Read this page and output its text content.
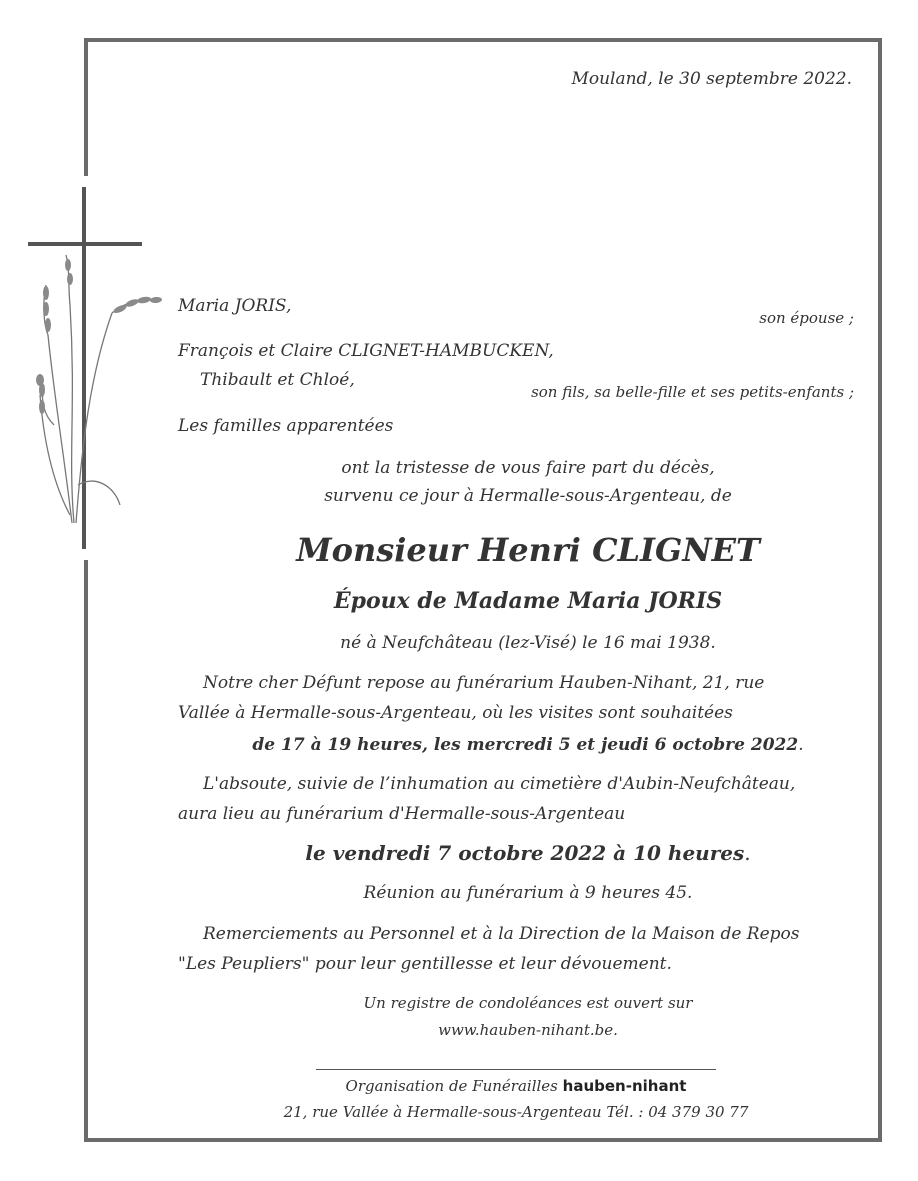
Mouland, le 30 septembre 2022.
Maria JORIS,
son épouse ;
François et Claire CLIGNET-HAMBUCKEN,
Thibault et Chloé,
son fils, sa belle-fille et ses petits-enfants ;
Les familles apparentées
ont la tristesse de vous faire part du décès,
survenu ce jour à Hermalle-sous-Argenteau, de
Monsieur Henri CLIGNET
Époux de Madame Maria JORIS
né à Neufchâteau (lez-Visé) le 16 mai 1938.
Notre cher Défunt repose au funérarium Hauben-Nihant, 21, rue
Vallée à Hermalle-sous-Argenteau, où les visites sont souhaitées
de 17 à 19 heures, les mercredi 5 et jeudi 6 octobre 2022.
L'absoute, suivie de l’inhumation au cimetière d'Aubin-Neufchâteau,
aura lieu au funérarium d'Hermalle-sous-Argenteau
le vendredi 7 octobre 2022 à 10 heures.
Réunion au funérarium à 9 heures 45.
Remerciements au Personnel et à la Direction de la Maison de Repos
"Les Peupliers" pour leur gentillesse et leur dévouement.
Un registre de condoléances est ouvert sur
www.hauben-nihant.be.
Organisation de Funérailles hauben-nihant
21, rue Vallée à Hermalle-sous-Argenteau Tél. : 04 379 30 77
